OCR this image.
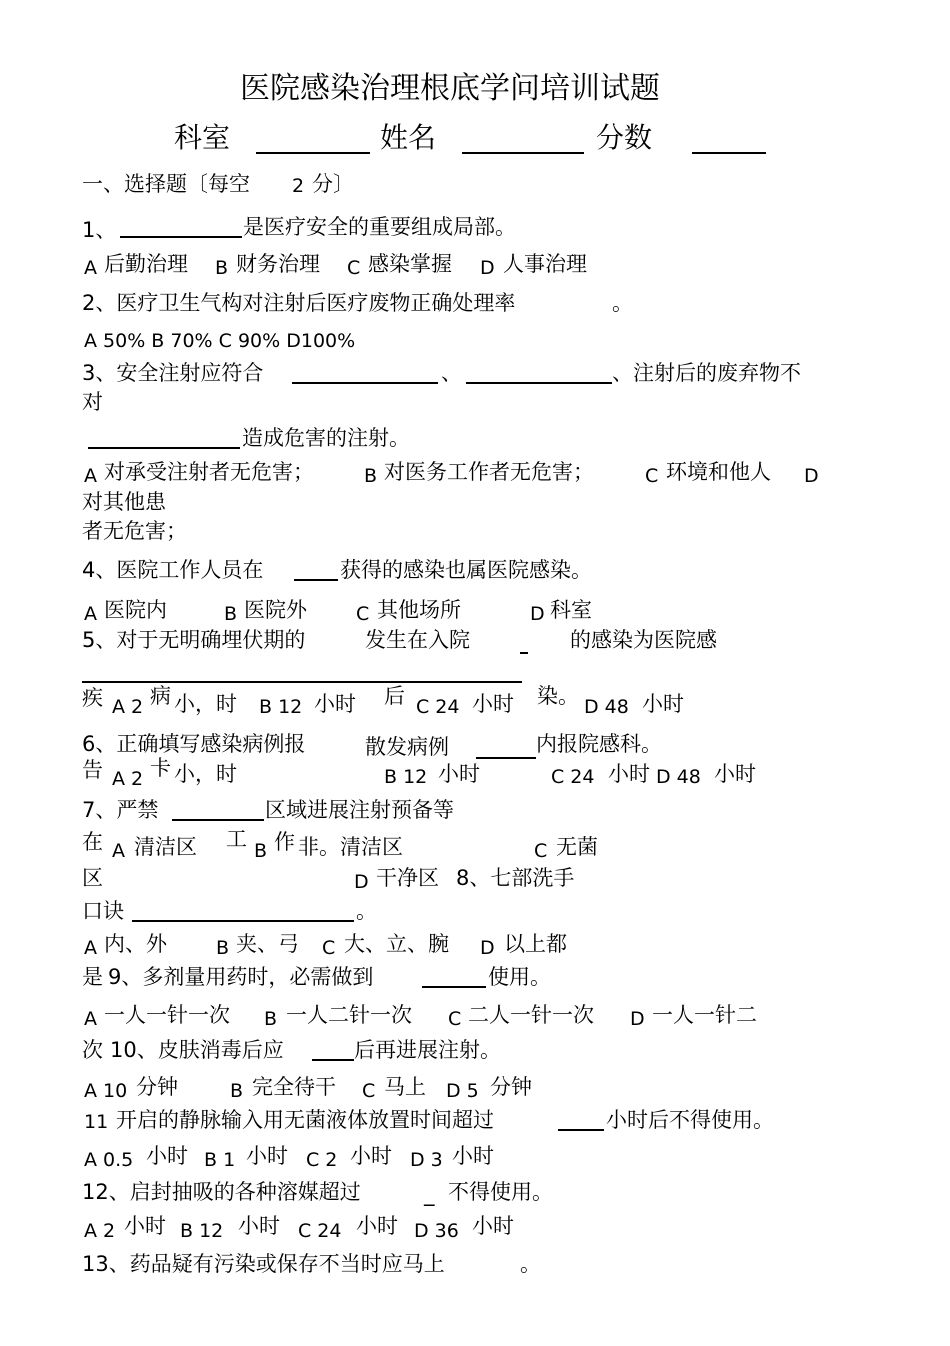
医院感染治理根底学问培训试题
科室	姓名	分数
一、选择题〔每空 2 分〕
1、	是医疗安全的重要组成局部。
A 后勤治理 B 财务治理 C 感染掌握 D 人事治理
2、医疗卫生气构对注射后医疗废物正确处理率	。
A 50% B 70% C 90% D100%
3、安全注射应符合	、	、注射后的废弃物不
对
造成危害的注射。
A 对承受注射者无危害；	B 对医务工作者无危害；	C 环境和他人 D
对其他患
者无危害；
4、医院工作人员在	获得的感染也属医院感染。
A 医院内	B 医院外	C 其他场所	D 科室
5、对于无明确埋伏期的	发生在入院	的感染为医院感
疾 A 2 病 小，时 B 12 小时 后 C 24 小时 染。 D 48 小时
6、正确填写感染病例报	散发病例	内报院感科。
告 A 2 卡 小，时	B 12 小时	C 24 小时 D 48 小时
7、严禁	区域进展注射预备等
在 A 清洁区 工 B 作 非。清洁区	C 无菌
区	D 干净区 8、七部洗手
口诀	。
A 内、外	B 夹、弓 C 大、立、腕 D 以上都
是 9、多剂量用药时，必需做到	使用。
A 一人一针一次 B 一人二针一次 C 二人一针一次 D 一人一针二
次 10、皮肤消毒后应	后再进展注射。
A 10 分钟	B 完全待干 C 马上 D 5 分钟
11 开启的静脉输入用无菌液体放置时间超过	小时后不得使用。
A 0.5 小时 B 1 小时 C 2 小时 D 3 小时
12、启封抽吸的各种溶媒超过	_ 不得使用。
A 2 小时 B 12 小时 C 24 小时 D 36 小时
13、药品疑有污染或保存不当时应马上	。
